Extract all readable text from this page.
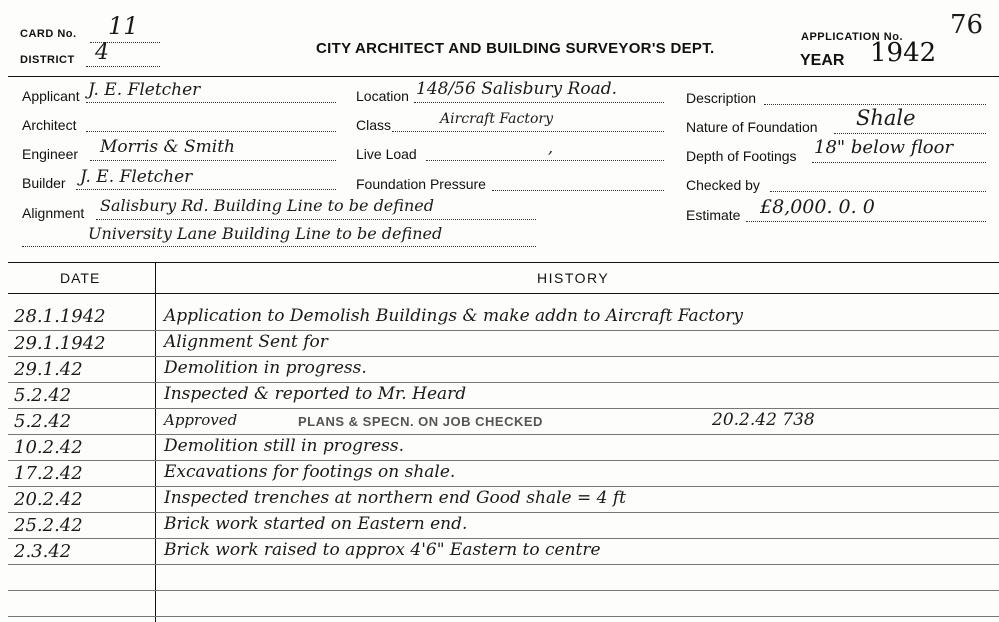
CARD No. 11
DISTRICT 4	CITY ARCHITECT AND BUILDING SURVEYOR'S DEPT.
APPLICATION No. 76
YEAR 1942
Applicant J. E. Fletcher
Architect
Engineer Morris & Smith
Builder J. E. Fletcher
Alignment Salisbury Rd. Building Line to be defined
University Lane Building Line to be defined
Location 148/56 Salisbury Road.
Class	Aircraft Factory
Live Load	,
Foundation Pressure
Description
Nature of Foundation Shale
Depth of Footings 18" below floor
Checked by
Estimate £8,000. 0. 0
DATE	HISTORY
28.1.1942	Application to Demolish Buildings & make addn to Aircraft Factory
29.1.1942	Alignment Sent for
29.1.42	Demolition in progress.
5.2.42	Inspected & reported to Mr. Heard
5.2.42	Approved	PLANS & SPECN. ON JOB CHECKED	20.2.42 738
10.2.42	Demolition still in progress.
17.2.42	Excavations for footings on shale.
20.2.42	Inspected trenches at northern end Good shale = 4 ft
25.2.42	Brick work started on Eastern end.
2.3.42	Brick work raised to approx 4'6" Eastern to centre
